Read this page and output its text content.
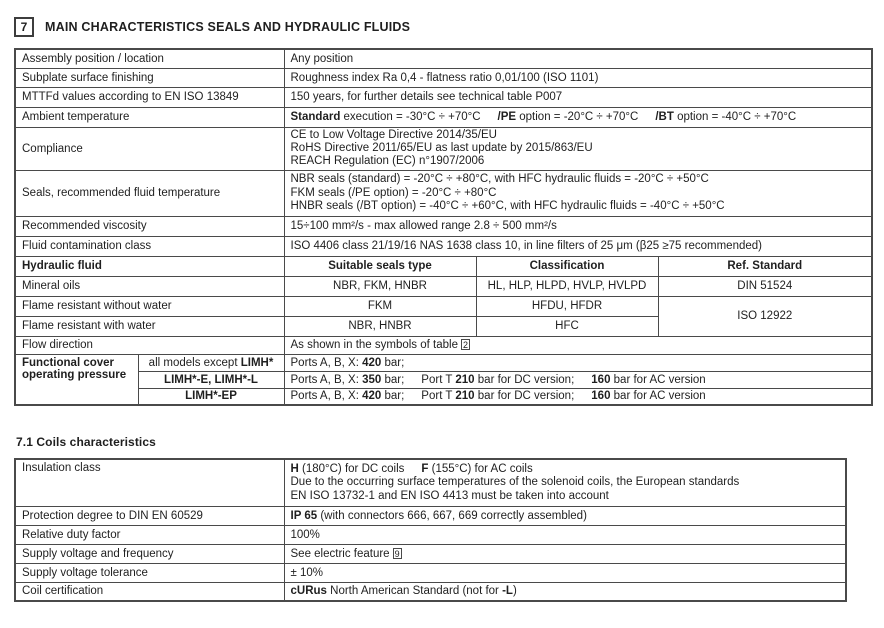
7	MAIN CHARACTERISTICS SEALS AND HYDRAULIC FLUIDS
Assembly position / location		Any position		
Subplate surface finishing		Roughness index Ra 0,4 - flatness ratio 0,01/100 (ISO 1101)		
MTTFd values according to EN ISO 13849		150 years, for further details see technical table P007		
Ambient temperature		Standard execution = -30°C ÷ +70°C /PE option = -20°C ÷ +70°C /BT option = -40°C ÷ +70°C		
Compliance		CE to Low Voltage Directive 2014/35/EU
RoHS Directive 2011/65/EU as last update by 2015/863/EU
REACH Regulation (EC) n°1907/2006		

Seals, recommended fluid temperature		NBR seals (standard) = -20°C ÷ +80°C, with HFC hydraulic fluids = -20°C ÷ +50°C
FKM seals (/PE option) = -20°C ÷ +80°C
HNBR seals (/BT option) = -40°C ÷ +60°C, with HFC hydraulic fluids = -40°C ÷ +50°C		

Recommended viscosity		15÷100 mm²/s - max allowed range 2.8 ÷ 500 mm²/s		
Fluid contamination class		ISO 4406 class 21/19/16 NAS 1638 class 10, in line filters of 25 μm (β25 ≥75 recommended)		
Hydraulic fluid		Suitable seals type	Classification	Ref. Standard
Mineral oils		NBR, FKM, HNBR	HL, HLP, HLPD, HVLP, HVLPD	DIN 51524
Flame resistant without water		FKM	HFDU, HFDR	ISO 12922
Flame resistant with water		NBR, HNBR	HFC	
Flow direction		As shown in the symbols of table 2		
Functional cover operating pressure	all models except LIMH*	Ports A, B, X: 420 bar;		
	LIMH*-E, LIMH*-L	Ports A, B, X: 350 bar; Port T 210 bar for DC version; 160 bar for AC version		
	LIMH*-EP	Ports A, B, X: 420 bar; Port T 210 bar for DC version; 160 bar for AC version		
7.1 Coils characteristics
Insulation class	H (180°C) for DC coils F (155°C) for AC coils
Due to the occurring surface temperatures of the solenoid coils, the European standards
EN ISO 13732-1 and EN ISO 4413 must be taken into account

Protection degree to DIN EN 60529	IP 65 (with connectors 666, 667, 669 correctly assembled)
Relative duty factor	100%
Supply voltage and frequency	See electric feature 9
Supply voltage tolerance	± 10%
Coil certification	cURus North American Standard (not for -L)
